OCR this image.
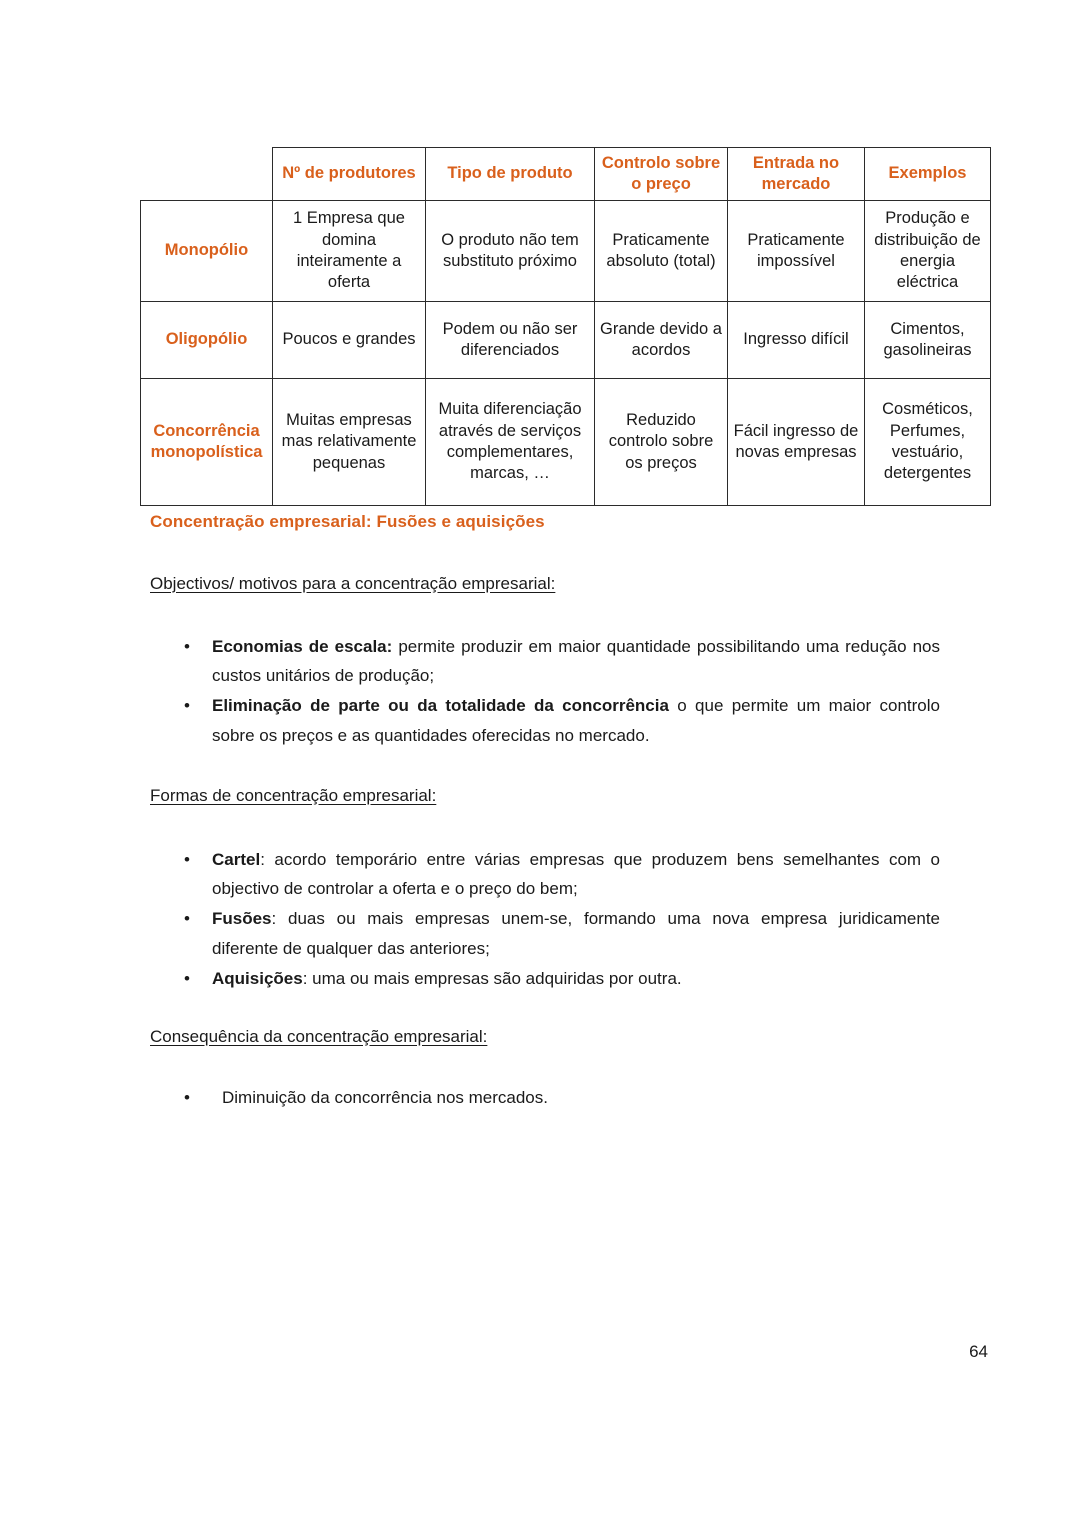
	Nº de produtores	Tipo de produto	Controlo sobre o preço	Entrada no mercado	Exemplos
Monopólio	1 Empresa que domina inteiramente a oferta	O produto não tem substituto próximo	Praticamente absoluto (total)	Praticamente impossível	Produção e distribuição de energia eléctrica
Oligopólio	Poucos e grandes	Podem ou não ser diferenciados	Grande devido a acordos	Ingresso difícil	Cimentos, gasolineiras
Concorrência monopolística	Muitas empresas mas relativamente pequenas	Muita diferenciação através de serviços complementares, marcas, …	Reduzido controlo sobre os preços	Fácil ingresso de novas empresas	Cosméticos, Perfumes, vestuário, detergentes
Concentração empresarial: Fusões e aquisições
Objectivos/ motivos para a concentração empresarial:
• Economias de escala: permite produzir em maior quantidade possibilitando uma redução nos custos unitários de produção;
• Eliminação de parte ou da totalidade da concorrência o que permite um maior controlo sobre os preços e as quantidades oferecidas no mercado.
Formas de concentração empresarial:
• Cartel: acordo temporário entre várias empresas que produzem bens semelhantes com o objectivo de controlar a oferta e o preço do bem;
• Fusões: duas ou mais empresas unem-se, formando uma nova empresa juridicamente diferente de qualquer das anteriores;
• Aquisições: uma ou mais empresas são adquiridas por outra.
Consequência da concentração empresarial:
• Diminuição da concorrência nos mercados.
64
